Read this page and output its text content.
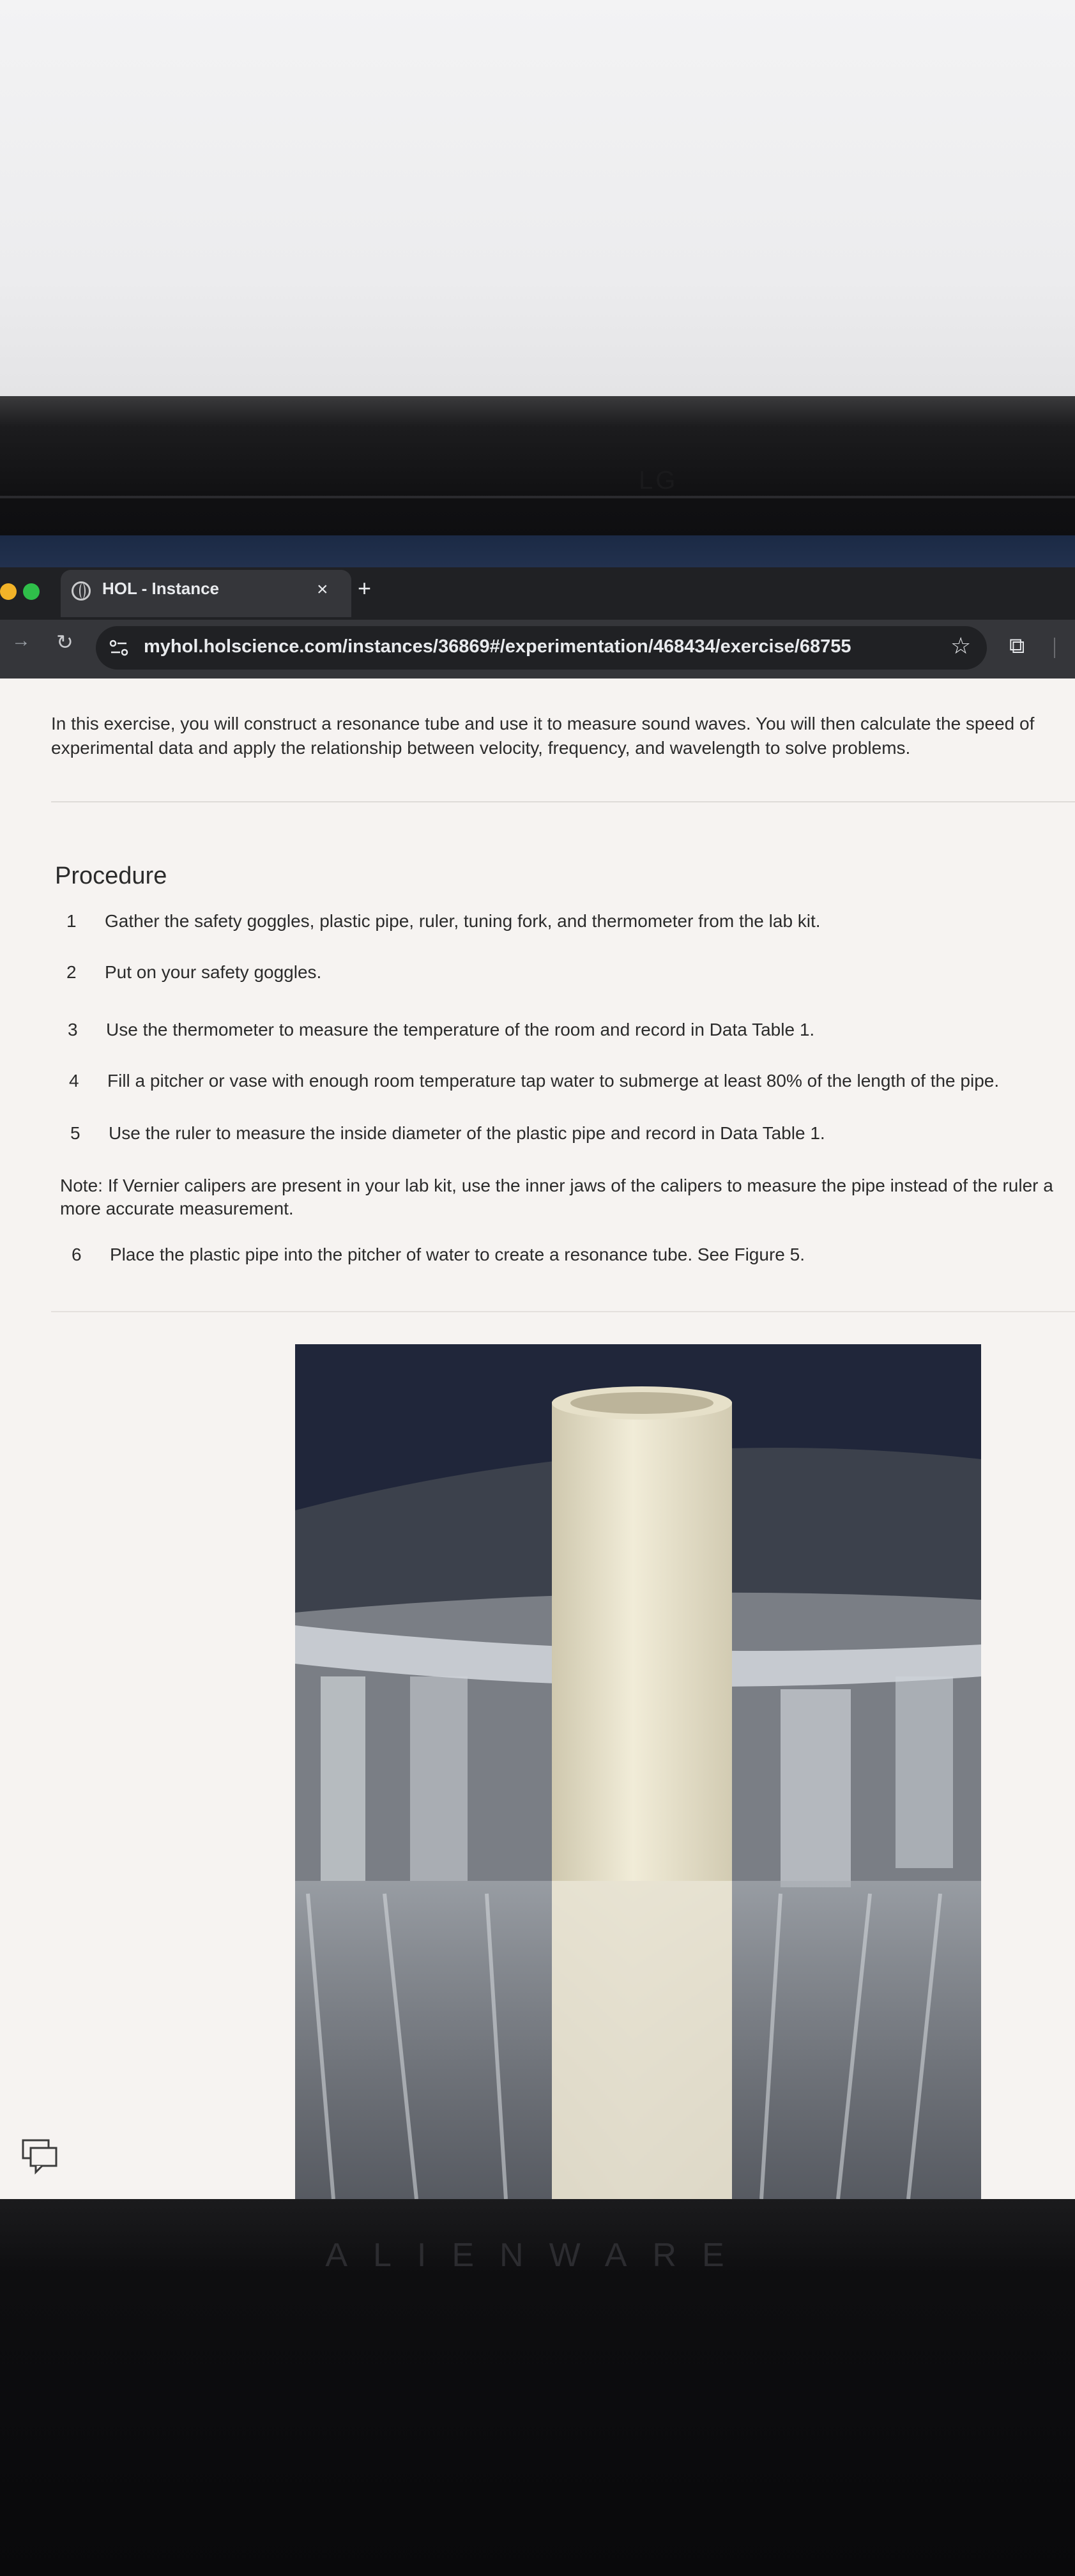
LG
HOL - Instance	× +
→ ↻	myhol.holscience.com/instances/36869#/experimentation/468434/exercise/68755	☆ ⧉
In this exercise, you will construct a resonance tube and use it to measure sound waves. You will then calculate the speed of experimental data and apply the relationship between velocity, frequency, and wavelength to solve problems.
Procedure
1 Gather the safety goggles, plastic pipe, ruler, tuning fork, and thermometer from the lab kit.
2 Put on your safety goggles.
3 Use the thermometer to measure the temperature of the room and record in Data Table 1.
4 Fill a pitcher or vase with enough room temperature tap water to submerge at least 80% of the length of the pipe.
5 Use the ruler to measure the inside diameter of the plastic pipe and record in Data Table 1.
Note: If Vernier calipers are present in your lab kit, use the inner jaws of the calipers to measure the pipe instead of the ruler a more accurate measurement.
6 Place the plastic pipe into the pitcher of water to create a resonance tube. See Figure 5.
ALIENWARE
